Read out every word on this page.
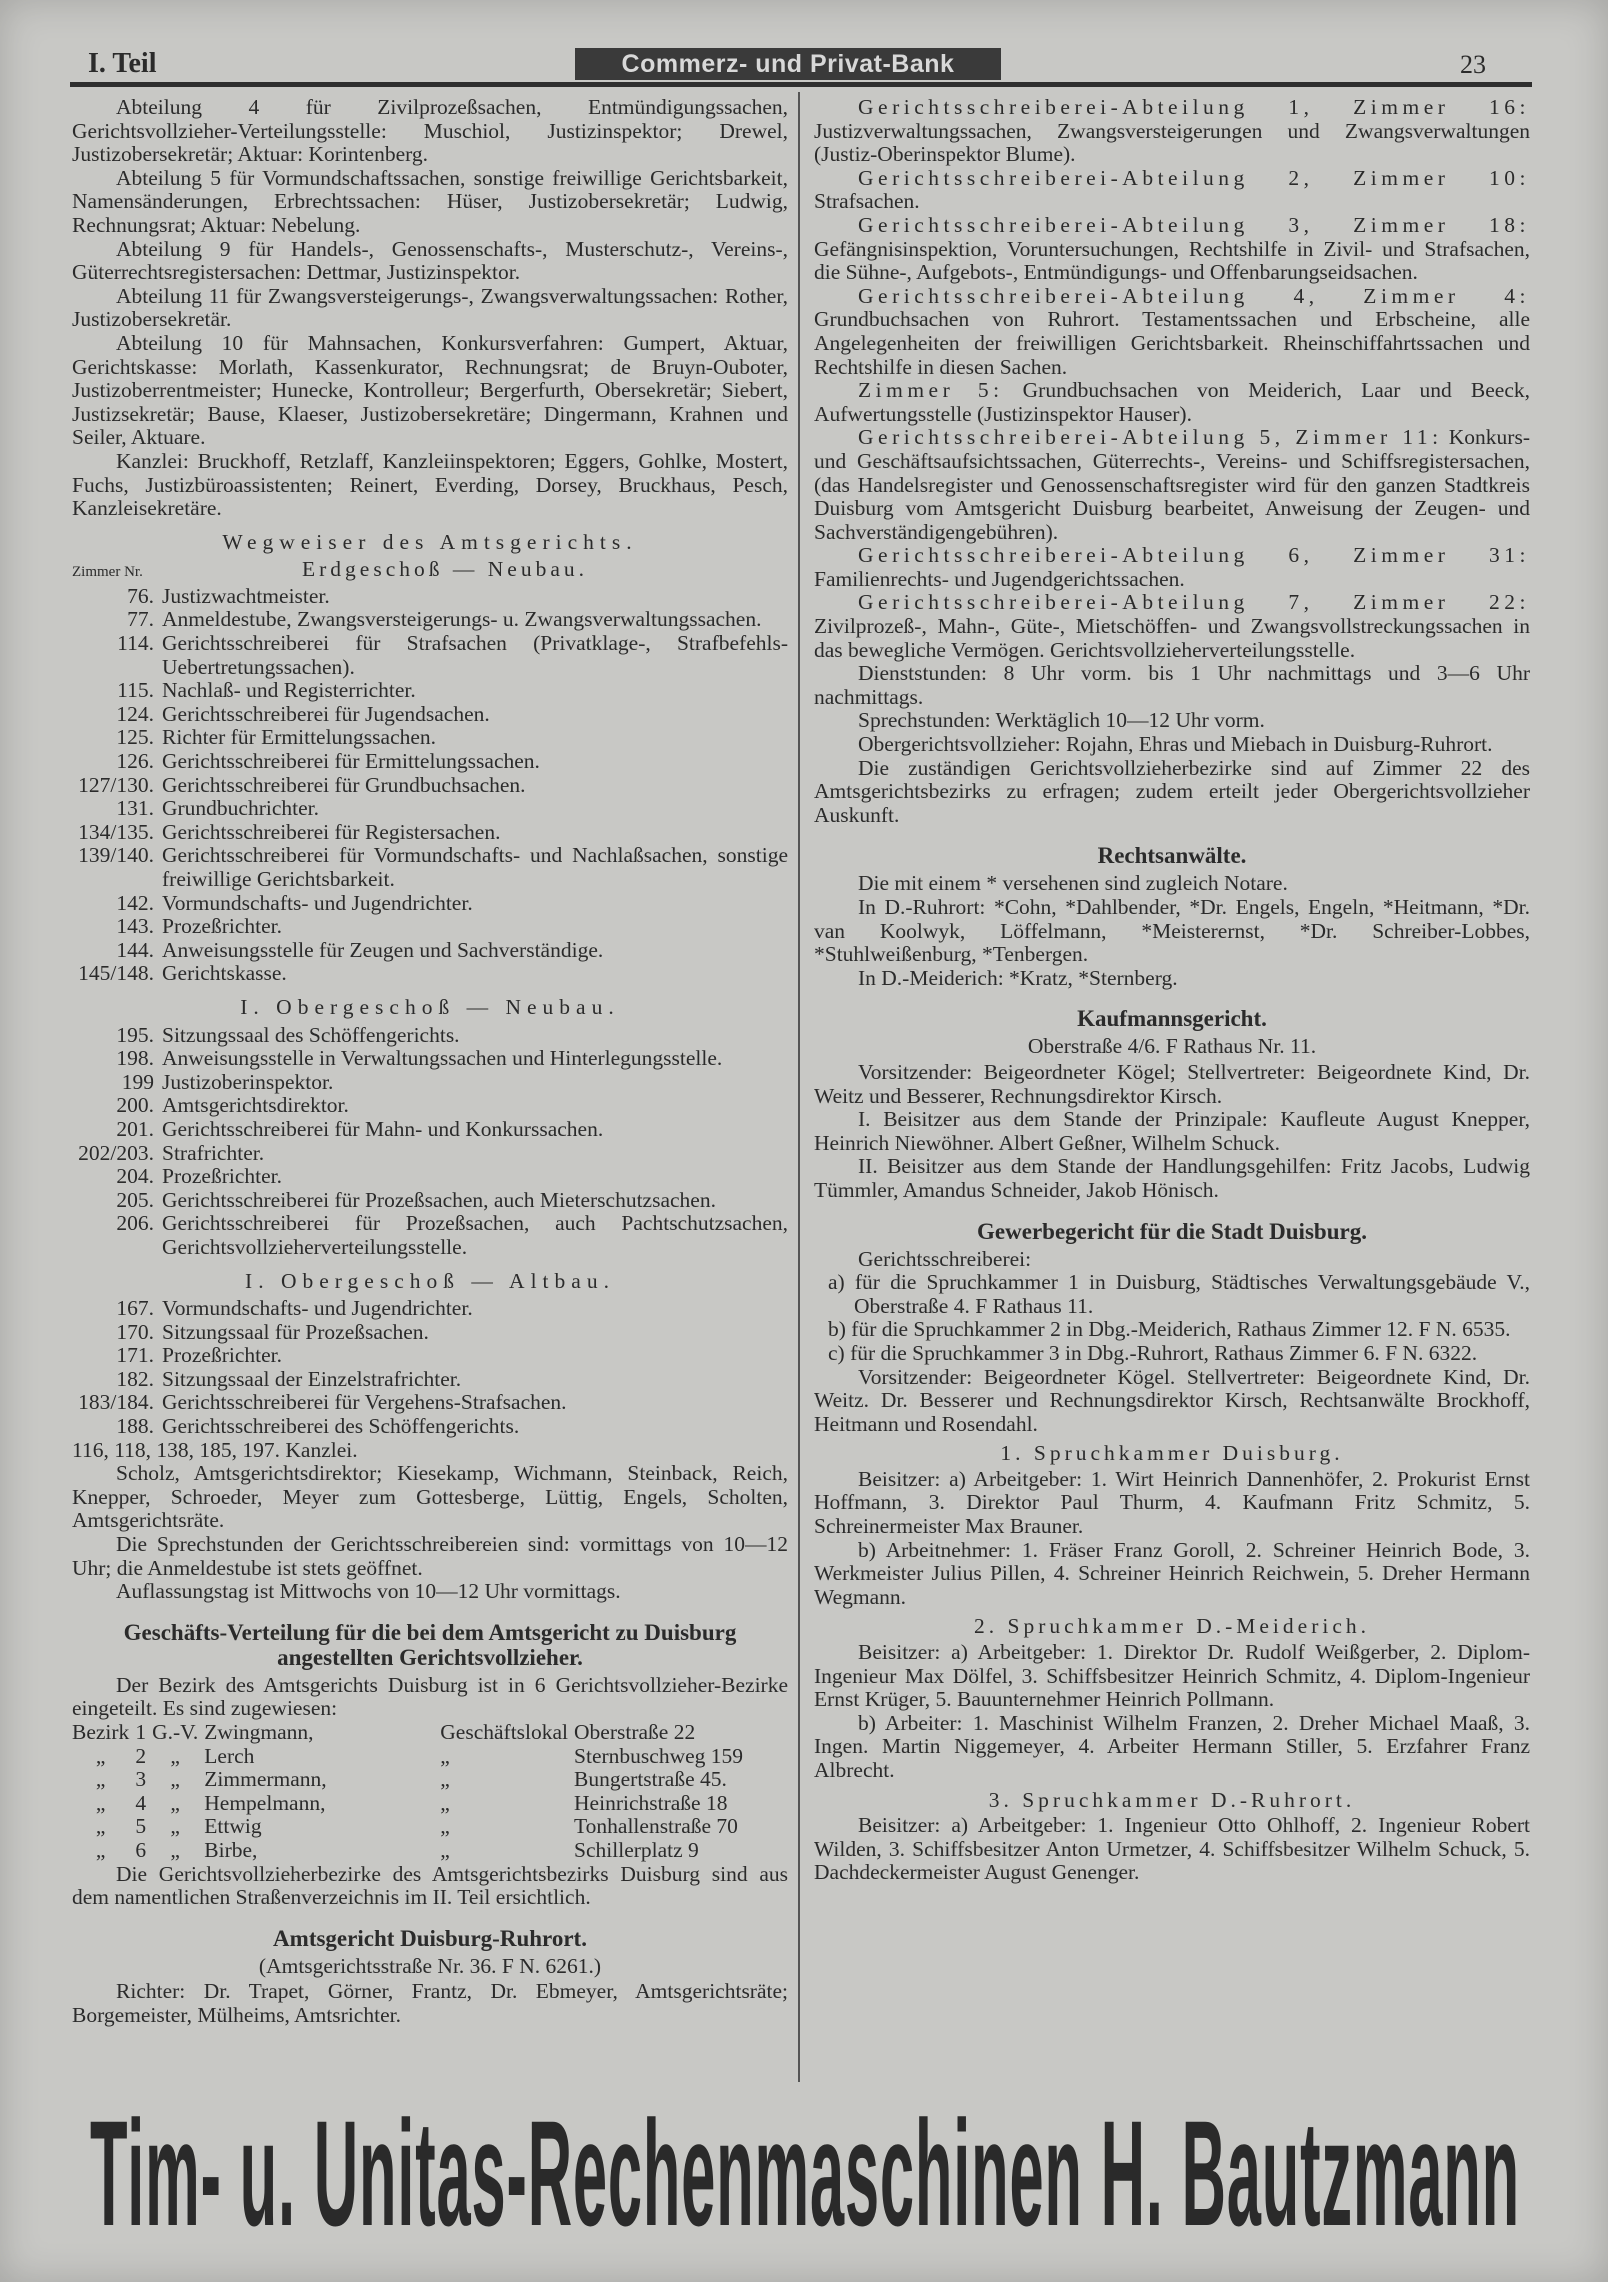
I. Teil	Commerz- und Privat-Bank	23

Abteilung 4 für Zivilprozeßsachen, Entmündigungssachen, Gerichtsvollzieher-Verteilungsstelle: Muschiol, Justizinspektor; Drewel, Justizobersekretär; Aktuar: Korintenberg.

Abteilung 5 für Vormundschaftssachen, sonstige freiwillige Gerichtsbarkeit, Namensänderungen, Erbrechtssachen: Hüser, Justizobersekretär; Ludwig, Rechnungsrat; Aktuar: Nebelung.

Abteilung 9 für Handels-, Genossenschafts-, Musterschutz-, Vereins-, Güterrechtsregistersachen: Dettmar, Justizinspektor.

Abteilung 11 für Zwangsversteigerungs-, Zwangsverwaltungssachen: Rother, Justizobersekretär.

Abteilung 10 für Mahnsachen, Konkursverfahren: Gumpert, Aktuar, Gerichtskasse: Morlath, Kassenkurator, Rechnungsrat; de Bruyn-Ouboter, Justizoberrentmeister; Hunecke, Kontrolleur; Bergerfurth, Obersekretär; Siebert, Justizsekretär; Bause, Klaeser, Justizobersekretäre; Dingermann, Krahnen und Seiler, Aktuare.

Kanzlei: Bruckhoff, Retzlaff, Kanzleiinspektoren; Eggers, Gohlke, Mostert, Fuchs, Justizbüroassistenten; Reinert, Everding, Dorsey, Bruckhaus, Pesch, Kanzleisekretäre.

Wegweiser des Amtsgerichts.
Zimmer Nr.	Erdgeschoß — Neubau.
76. Justizwachtmeister.
77. Anmeldestube, Zwangsversteigerungs- u. Zwangsverwaltungssachen.
114. Gerichtsschreiberei für Strafsachen (Privatklage-, Strafbefehls-Uebertretungssachen).
115. Nachlaß- und Registerrichter.
124. Gerichtsschreiberei für Jugendsachen.
125. Richter für Ermittelungssachen.
126. Gerichtsschreiberei für Ermittelungssachen.
127/130. Gerichtsschreiberei für Grundbuchsachen.
131. Grundbuchrichter.
134/135. Gerichtsschreiberei für Registersachen.
139/140. Gerichtsschreiberei für Vormundschafts- und Nachlaßsachen, sonstige freiwillige Gerichtsbarkeit.
142. Vormundschafts- und Jugendrichter.
143. Prozeßrichter.
144. Anweisungsstelle für Zeugen und Sachverständige.
145/148. Gerichtskasse.
I. Obergeschoß — Neubau.
195. Sitzungssaal des Schöffengerichts.
198. Anweisungsstelle in Verwaltungssachen und Hinterlegungsstelle.
199 Justizoberinspektor.
200. Amtsgerichtsdirektor.
201. Gerichtsschreiberei für Mahn- und Konkurssachen.
202/203. Strafrichter.
204. Prozeßrichter.
205. Gerichtsschreiberei für Prozeßsachen, auch Mieterschutzsachen.
206. Gerichtsschreiberei für Prozeßsachen, auch Pachtschutzsachen, Gerichtsvollzieherverteilungsstelle.
I. Obergeschoß — Altbau.
167. Vormundschafts- und Jugendrichter.
170. Sitzungssaal für Prozeßsachen.
171. Prozeßrichter.
182. Sitzungssaal der Einzelstrafrichter.
183/184. Gerichtsschreiberei für Vergehens-Strafsachen.
188. Gerichtsschreiberei des Schöffengerichts.

116, 118, 138, 185, 197. Kanzlei.

Scholz, Amtsgerichtsdirektor; Kiesekamp, Wichmann, Steinback, Reich, Knepper, Schroeder, Meyer zum Gottesberge, Lüttig, Engels, Scholten, Amtsgerichtsräte.

Die Sprechstunden der Gerichtsschreibereien sind: vormittags von 10—12 Uhr; die Anmeldestube ist stets geöffnet.

Auflassungstag ist Mittwochs von 10—12 Uhr vormittags.

Geschäfts-Verteilung für die bei dem Amtsgericht zu Duisburg angestellten Gerichtsvollzieher.

Der Bezirk des Amtsgerichts Duisburg ist in 6 Gerichtsvollzieher-Bezirke eingeteilt. Es sind zugewiesen:

Bezirk	1	G.-V.	Zwingmann,	Geschäftslokal	Oberstraße 22
„	2	„	Lerch	„	Sternbuschweg 159
„	3	„	Zimmermann,	„	Bungertstraße 45.
„	4	„	Hempelmann,	„	Heinrichstraße 18
„	5	„	Ettwig	„	Tonhallenstraße 70
„	6	„	Birbe,	„	Schillerplatz 9

Die Gerichtsvollzieherbezirke des Amtsgerichtsbezirks Duisburg sind aus dem namentlichen Straßenverzeichnis im II. Teil ersichtlich.

Amtsgericht Duisburg-Ruhrort.
(Amtsgerichtsstraße Nr. 36. F N. 6261.)

Richter: Dr. Trapet, Görner, Frantz, Dr. Ebmeyer, Amtsgerichtsräte; Borgemeister, Mülheims, Amtsrichter.

Gerichtsschreiberei-Abteilung 1, Zimmer 16: Justizverwaltungssachen, Zwangsversteigerungen und Zwangsverwaltungen (Justiz-Oberinspektor Blume).

Gerichtsschreiberei-Abteilung 2, Zimmer 10: Strafsachen.

Gerichtsschreiberei-Abteilung 3, Zimmer 18: Gefängnisinspektion, Voruntersuchungen, Rechtshilfe in Zivil- und Strafsachen, die Sühne-, Aufgebots-, Entmündigungs- und Offenbarungseidsachen.

Gerichtsschreiberei-Abteilung 4, Zimmer 4: Grundbuchsachen von Ruhrort. Testamentssachen und Erbscheine, alle Angelegenheiten der freiwilligen Gerichtsbarkeit. Rheinschiffahrtssachen und Rechtshilfe in diesen Sachen.

Zimmer 5: Grundbuchsachen von Meiderich, Laar und Beeck, Aufwertungsstelle (Justizinspektor Hauser).

Gerichtsschreiberei-Abteilung 5, Zimmer 11: Konkurs- und Geschäftsaufsichtssachen, Güterrechts-, Vereins- und Schiffsregistersachen, (das Handelsregister und Genossenschaftsregister wird für den ganzen Stadtkreis Duisburg vom Amtsgericht Duisburg bearbeitet, Anweisung der Zeugen- und Sachverständigengebühren).

Gerichtsschreiberei-Abteilung 6, Zimmer 31: Familienrechts- und Jugendgerichtssachen.

Gerichtsschreiberei-Abteilung 7, Zimmer 22: Zivilprozeß-, Mahn-, Güte-, Mietschöffen- und Zwangsvollstreckungssachen in das bewegliche Vermögen. Gerichtsvollzieherverteilungsstelle.

Dienststunden: 8 Uhr vorm. bis 1 Uhr nachmittags und 3—6 Uhr nachmittags.

Sprechstunden: Werktäglich 10—12 Uhr vorm.

Obergerichtsvollzieher: Rojahn, Ehras und Miebach in Duisburg-Ruhrort.

Die zuständigen Gerichtsvollzieherbezirke sind auf Zimmer 22 des Amtsgerichtsbezirks zu erfragen; zudem erteilt jeder Obergerichtsvollzieher Auskunft.

Rechtsanwälte.

Die mit einem * versehenen sind zugleich Notare.

In D.-Ruhrort: *Cohn, *Dahlbender, *Dr. Engels, Engeln, *Heitmann, *Dr. van Koolwyk, Löffelmann, *Meisterernst, *Dr. Schreiber-Lobbes, *Stuhlweißenburg, *Tenbergen.

In D.-Meiderich: *Kratz, *Sternberg.

Kaufmannsgericht.
Oberstraße 4/6. F Rathaus Nr. 11.

Vorsitzender: Beigeordneter Kögel; Stellvertreter: Beigeordnete Kind, Dr. Weitz und Besserer, Rechnungsdirektor Kirsch.

I. Beisitzer aus dem Stande der Prinzipale: Kaufleute August Knepper, Heinrich Niewöhner. Albert Geßner, Wilhelm Schuck.

II. Beisitzer aus dem Stande der Handlungsgehilfen: Fritz Jacobs, Ludwig Tümmler, Amandus Schneider, Jakob Hönisch.

Gewerbegericht für die Stadt Duisburg.

Gerichtsschreiberei:

a) für die Spruchkammer 1 in Duisburg, Städtisches Verwaltungsgebäude V., Oberstraße 4. F Rathaus 11.

b) für die Spruchkammer 2 in Dbg.-Meiderich, Rathaus Zimmer 12. F N. 6535.

c) für die Spruchkammer 3 in Dbg.-Ruhrort, Rathaus Zimmer 6. F N. 6322.

Vorsitzender: Beigeordneter Kögel. Stellvertreter: Beigeordnete Kind, Dr. Weitz. Dr. Besserer und Rechnungsdirektor Kirsch, Rechtsanwälte Brockhoff, Heitmann und Rosendahl.

1. Spruchkammer Duisburg.

Beisitzer: a) Arbeitgeber: 1. Wirt Heinrich Dannenhöfer, 2. Prokurist Ernst Hoffmann, 3. Direktor Paul Thurm, 4. Kaufmann Fritz Schmitz, 5. Schreinermeister Max Brauner.

b) Arbeitnehmer: 1. Fräser Franz Goroll, 2. Schreiner Heinrich Bode, 3. Werkmeister Julius Pillen, 4. Schreiner Heinrich Reichwein, 5. Dreher Hermann Wegmann.

2. Spruchkammer D.-Meiderich.

Beisitzer: a) Arbeitgeber: 1. Direktor Dr. Rudolf Weißgerber, 2. Diplom-Ingenieur Max Dölfel, 3. Schiffsbesitzer Heinrich Schmitz, 4. Diplom-Ingenieur Ernst Krüger, 5. Bauunternehmer Heinrich Pollmann.

b) Arbeiter: 1. Maschinist Wilhelm Franzen, 2. Dreher Michael Maaß, 3. Ingen. Martin Niggemeyer, 4. Arbeiter Hermann Stiller, 5. Erzfahrer Franz Albrecht.

3. Spruchkammer D.-Ruhrort.

Beisitzer: a) Arbeitgeber: 1. Ingenieur Otto Ohlhoff, 2. Ingenieur Robert Wilden, 3. Schiffsbesitzer Anton Urmetzer, 4. Schiffsbesitzer Wilhelm Schuck, 5. Dachdeckermeister August Genenger.

Tim- u. Unitas-Rechenmaschinen H. Bautzmann
